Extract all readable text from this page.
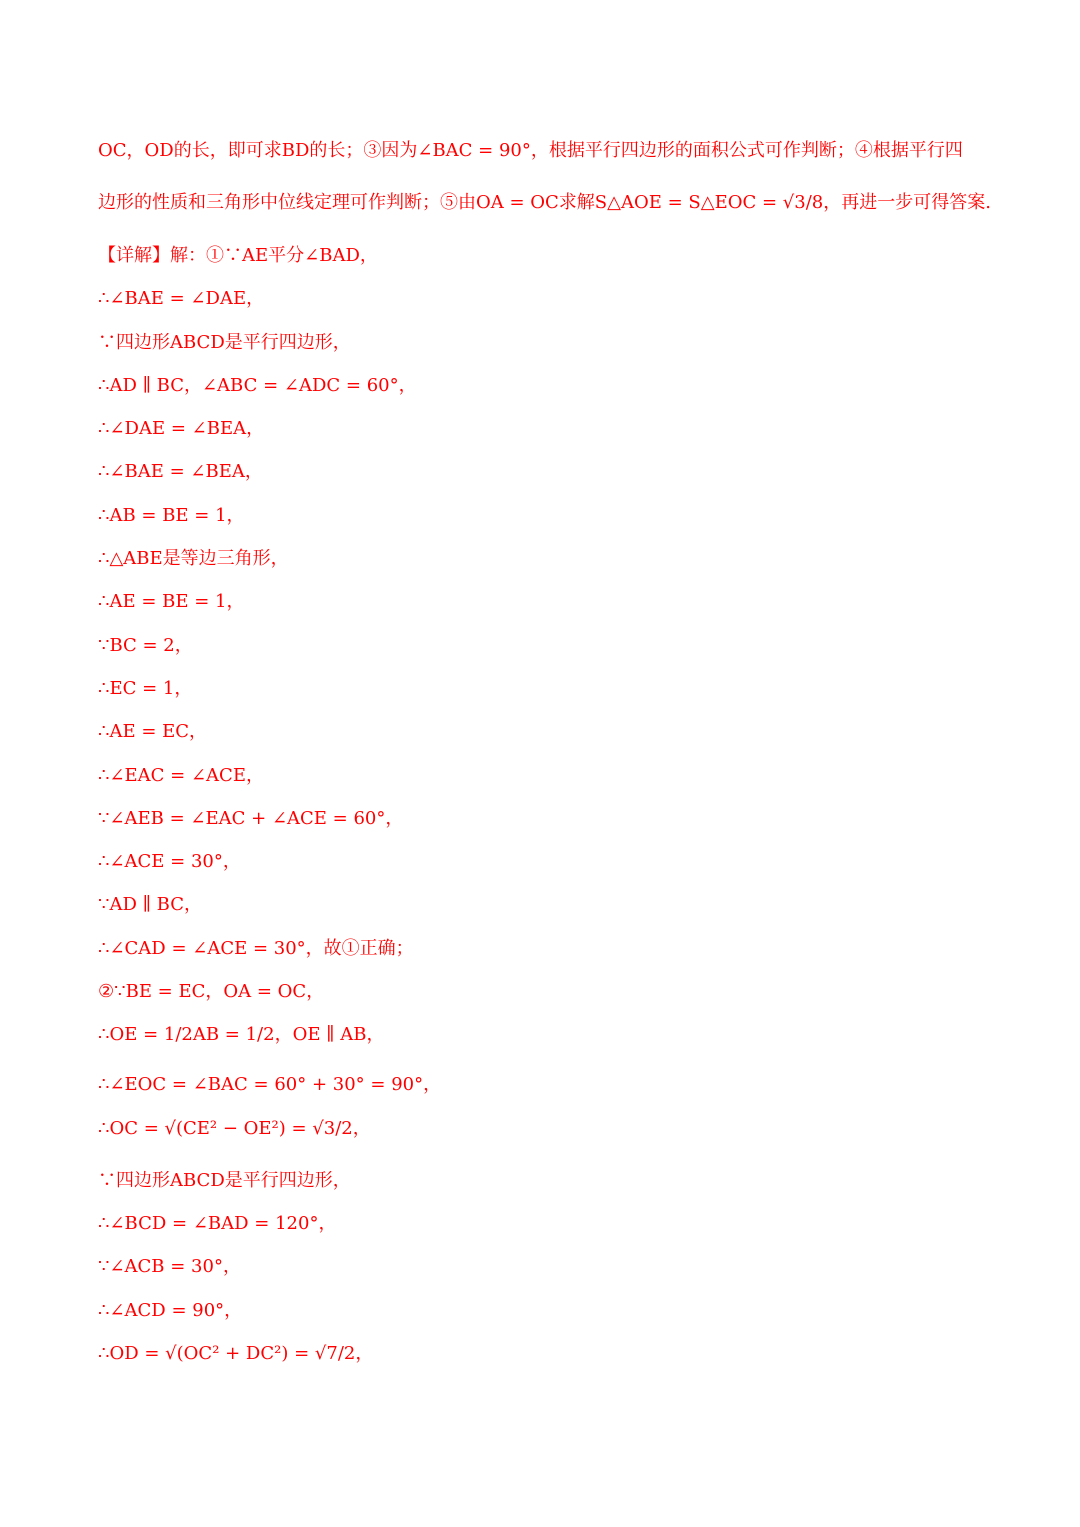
OC，OD的长，即可求BD的长；③因为∠BAC = 90°，根据平行四边形的面积公式可作判断；④根据平行四
边形的性质和三角形中位线定理可作判断；⑤由OA = OC求解S△AOE = S△EOC = √3/8，再进一步可得答案.
【详解】解：①∵AE平分∠BAD，
∴∠BAE = ∠DAE，
∵四边形ABCD是平行四边形，
∴AD ∥ BC，∠ABC = ∠ADC = 60°，
∴∠DAE = ∠BEA，
∴∠BAE = ∠BEA，
∴AB = BE = 1，
∴△ABE是等边三角形，
∴AE = BE = 1，
∵BC = 2，
∴EC = 1，
∴AE = EC，
∴∠EAC = ∠ACE，
∵∠AEB = ∠EAC + ∠ACE = 60°，
∴∠ACE = 30°，
∵AD ∥ BC，
∴∠CAD = ∠ACE = 30°，故①正确；
②∵BE = EC，OA = OC，
∴OE = 1/2AB = 1/2，OE ∥ AB，
∴∠EOC = ∠BAC = 60° + 30° = 90°，
∴OC = √(CE² − OE²) = √3/2，
∵四边形ABCD是平行四边形，
∴∠BCD = ∠BAD = 120°，
∵∠ACB = 30°，
∴∠ACD = 90°，
∴OD = √(OC² + DC²) = √7/2，
